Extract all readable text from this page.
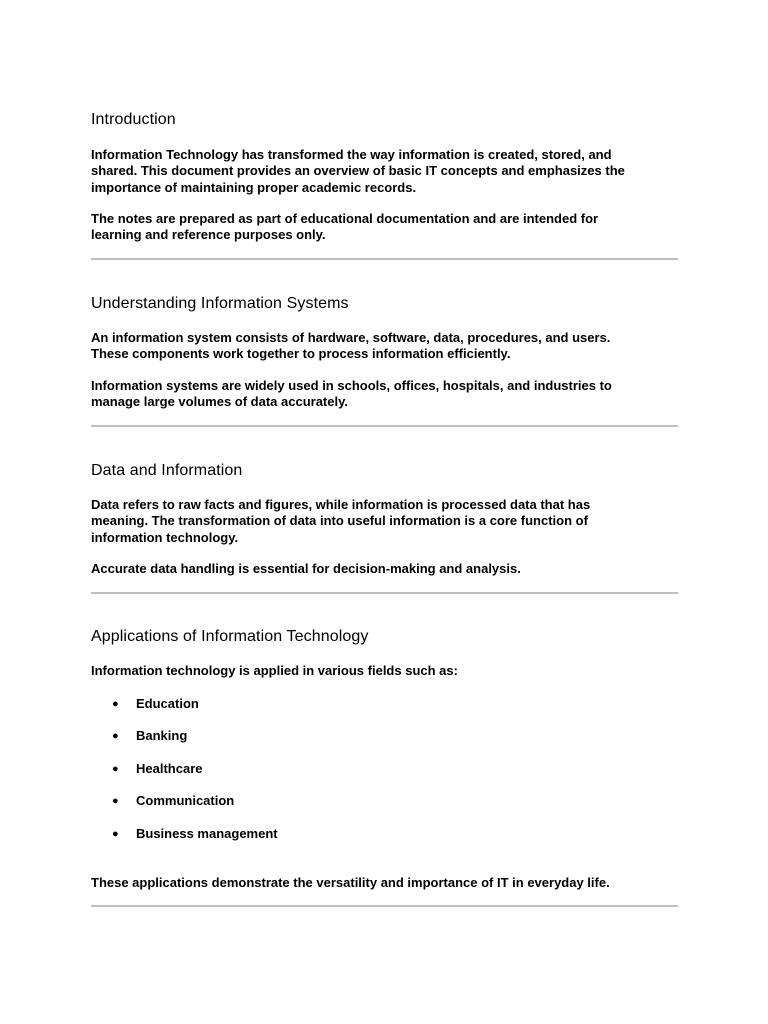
Introduction
Information Technology has transformed the way information is created, stored, and
shared. This document provides an overview of basic IT concepts and emphasizes the
importance of maintaining proper academic records.
The notes are prepared as part of educational documentation and are intended for
learning and reference purposes only.
Understanding Information Systems
An information system consists of hardware, software, data, procedures, and users.
These components work together to process information efficiently.
Information systems are widely used in schools, offices, hospitals, and industries to
manage large volumes of data accurately.
Data and Information
Data refers to raw facts and figures, while information is processed data that has
meaning. The transformation of data into useful information is a core function of
information technology.
Accurate data handling is essential for decision-making and analysis.
Applications of Information Technology
Information technology is applied in various fields such as:
● Education
● Banking
● Healthcare
● Communication
● Business management
These applications demonstrate the versatility and importance of IT in everyday life.
